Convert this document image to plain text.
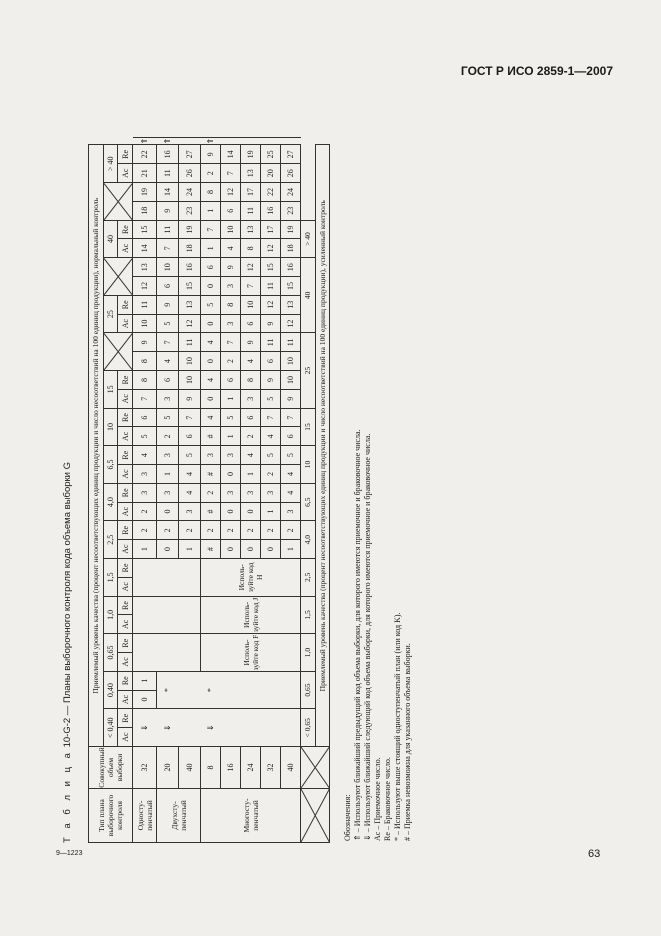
ГОСТ Р ИСО 2859-1—2007
9—1223	63
Т а б л и ц а 10-G-2 — Планы выборочного контроля кода объема выборки G
Тип плана выборочного контроля	Совокупный объем выборки	Приемлемый уровень качества (процент несоответствующих единиц продукции и число несоответствий на 100 единиц продукции), нормальный контроль																																
		< 0,40		0,40		0,65		1,0		1,5		2,5		4,0		6,5		10		15				25				40				> 40		
		Ac	Re	Ac	Re	Ac	Re	Ac	Re	Ac	Re	Ac	Re	Ac	Re	Ac	Re	Ac	Re	Ac	Re			Ac	Re			Ac	Re			Ac	Re	
Односту-пенчатый	32	⇓		0	1							1	2	2	3	3	4	5	6	7	8	8	9	10	11	12	13	14	15	18	19	21	22	⇑
Двухсту-пенчатый	20	⇓		*								0	2	0	3	1	3	2	5	3	6	4	7	5	9	6	10	7	11	9	14	11	16	⇑
	40											1	2	3	4	4	5	6	7	9	10	10	11	12	13	15	16	18	19	23	24	26	27	
Многосту-пенчатый	8	⇓		*		Исполь-зуйте код F		Исполь-зуйте код J		Исполь-зуйте код H		#	2	#	2	#	3	#	4	0	4	0	4	0	5	0	6	1	7	1	8	2	9	⇑
	16											0	2	0	3	0	3	1	5	1	6	2	7	3	8	3	9	4	10	6	12	7	14	
	24											0	2	0	3	1	4	2	6	3	8	4	9	6	10	7	12	8	13	11	17	13	19	
	32											0	2	1	3	2	5	4	7	5	9	6	11	9	12	11	15	12	17	16	22	20	25	
	40											1	2	3	4	4	5	6	7	9	10	10	11	12	13	15	16	18	19	23	24	26	27	

	< 0,65		0,65		1,0		1,5		2,5		4,0		6,5		10		15		25				40				> 40						
		Приемлемый уровень качества (процент несоответствующих единиц продукции и число несоответствий на 100 единиц продукции), усиленный контроль																																
Обозначения: ⇑ – Используют ближайший предыдущий код объема выборки, для которого имеются приемочное и браковочное числа. ⇓ – Используют ближайший следующий код объема выборки, для которого имеются приемочное и браковочное числа. Ac – Приемочное число. Re – Браковочное число. * – Используют выше стоящий одноступенчатый план (или код K). # – Приемка невозможна для указанного объема выборки.
